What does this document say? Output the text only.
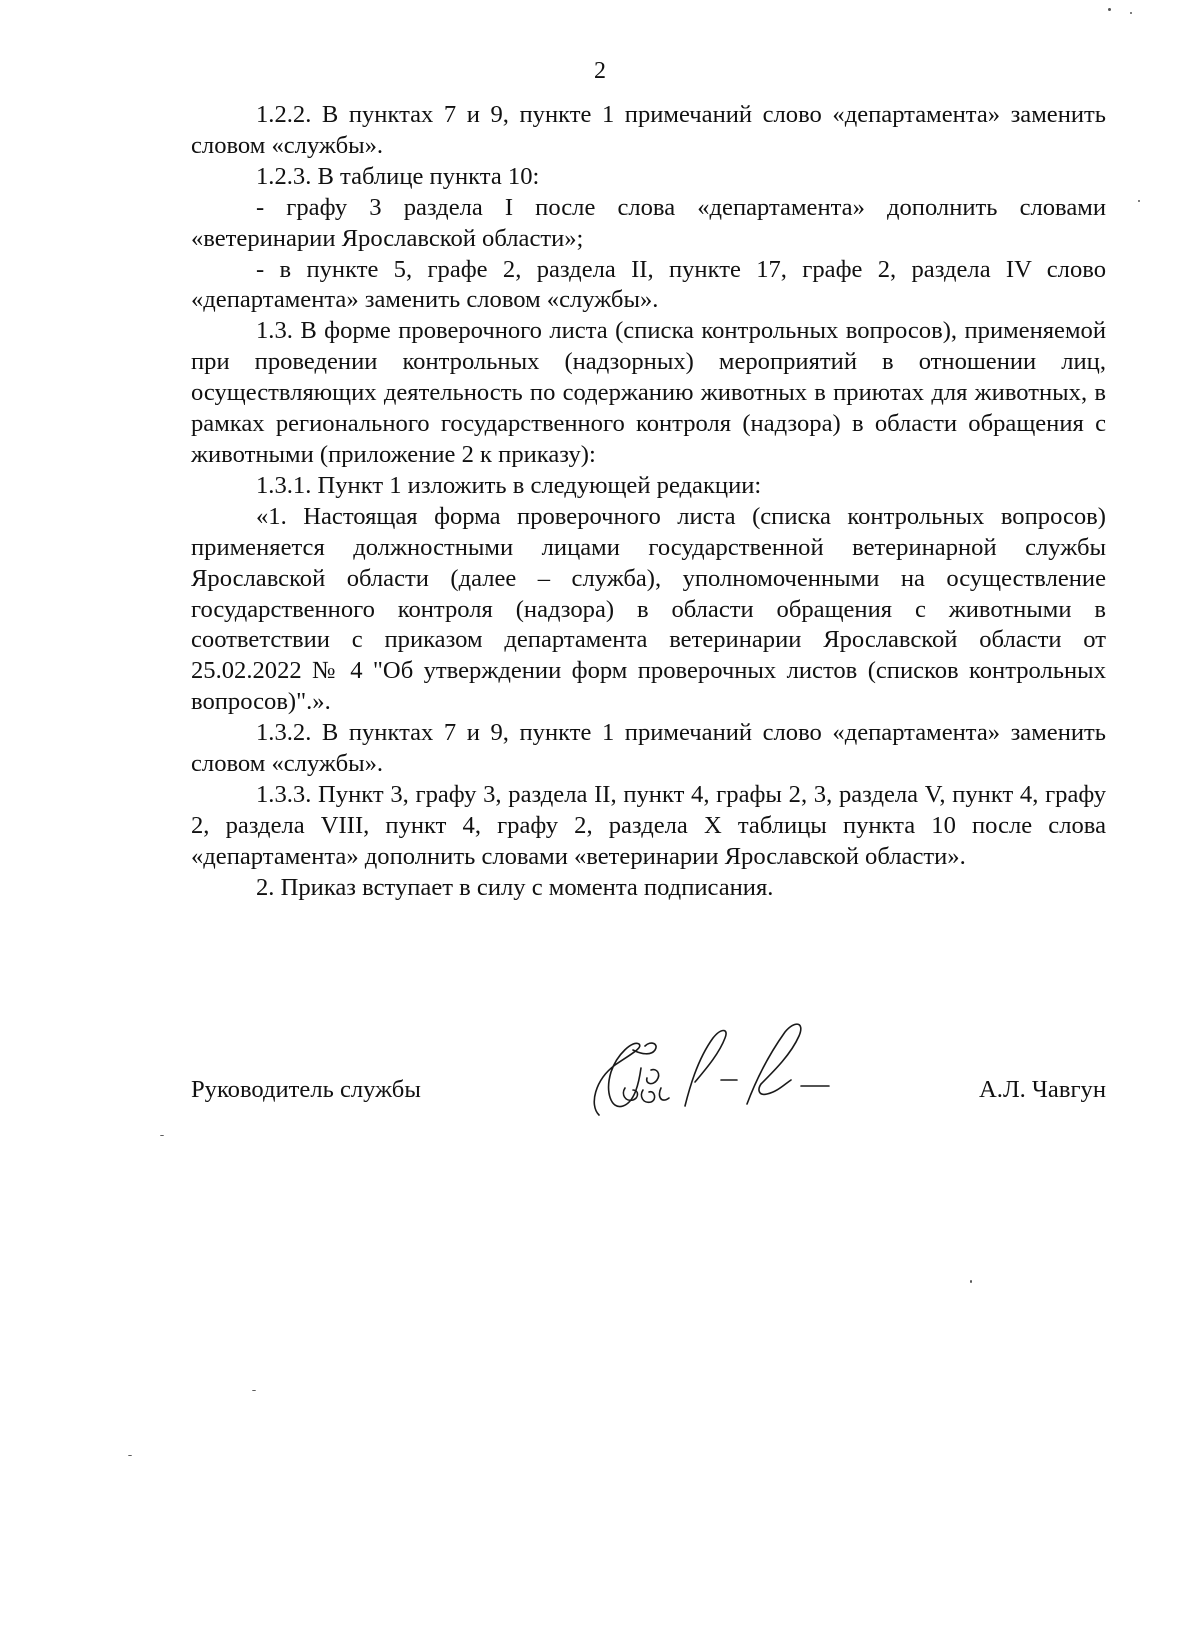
2

1.2.2. В пунктах 7 и 9, пункте 1 примечаний слово «департамента» заменить словом «службы».

1.2.3. В таблице пункта 10:

- графу 3 раздела I после слова «департамента» дополнить словами «ветеринарии Ярославской области»;

- в пункте 5, графе 2, раздела II, пункте 17, графе 2, раздела IV слово «департамента» заменить словом «службы».

1.3. В форме проверочного листа (списка контрольных вопросов), применяемой при проведении контрольных (надзорных) мероприятий в отношении лиц, осуществляющих деятельность по содержанию животных в приютах для животных, в рамках регионального государственного контроля (надзора) в области обращения с животными (приложение 2 к приказу):

1.3.1. Пункт 1 изложить в следующей редакции:

«1. Настоящая форма проверочного листа (списка контрольных вопросов) применяется должностными лицами государственной ветеринарной службы Ярославской области (далее – служба), уполномоченными на осуществление государственного контроля (надзора) в области обращения с животными в соответствии с приказом департамента ветеринарии Ярославской области от 25.02.2022 № 4 "Об утверждении форм проверочных листов (списков контрольных вопросов)".».

1.3.2. В пунктах 7 и 9, пункте 1 примечаний слово «департамента» заменить словом «службы».

1.3.3. Пункт 3, графу 3, раздела II, пункт 4, графы 2, 3, раздела V, пункт 4, графу 2, раздела VIII, пункт 4, графу 2, раздела X таблицы пункта 10 после слова «департамента» дополнить словами «ветеринарии Ярославской области».

2. Приказ вступает в силу с момента подписания.

Руководитель службы	А.Л. Чавгун
